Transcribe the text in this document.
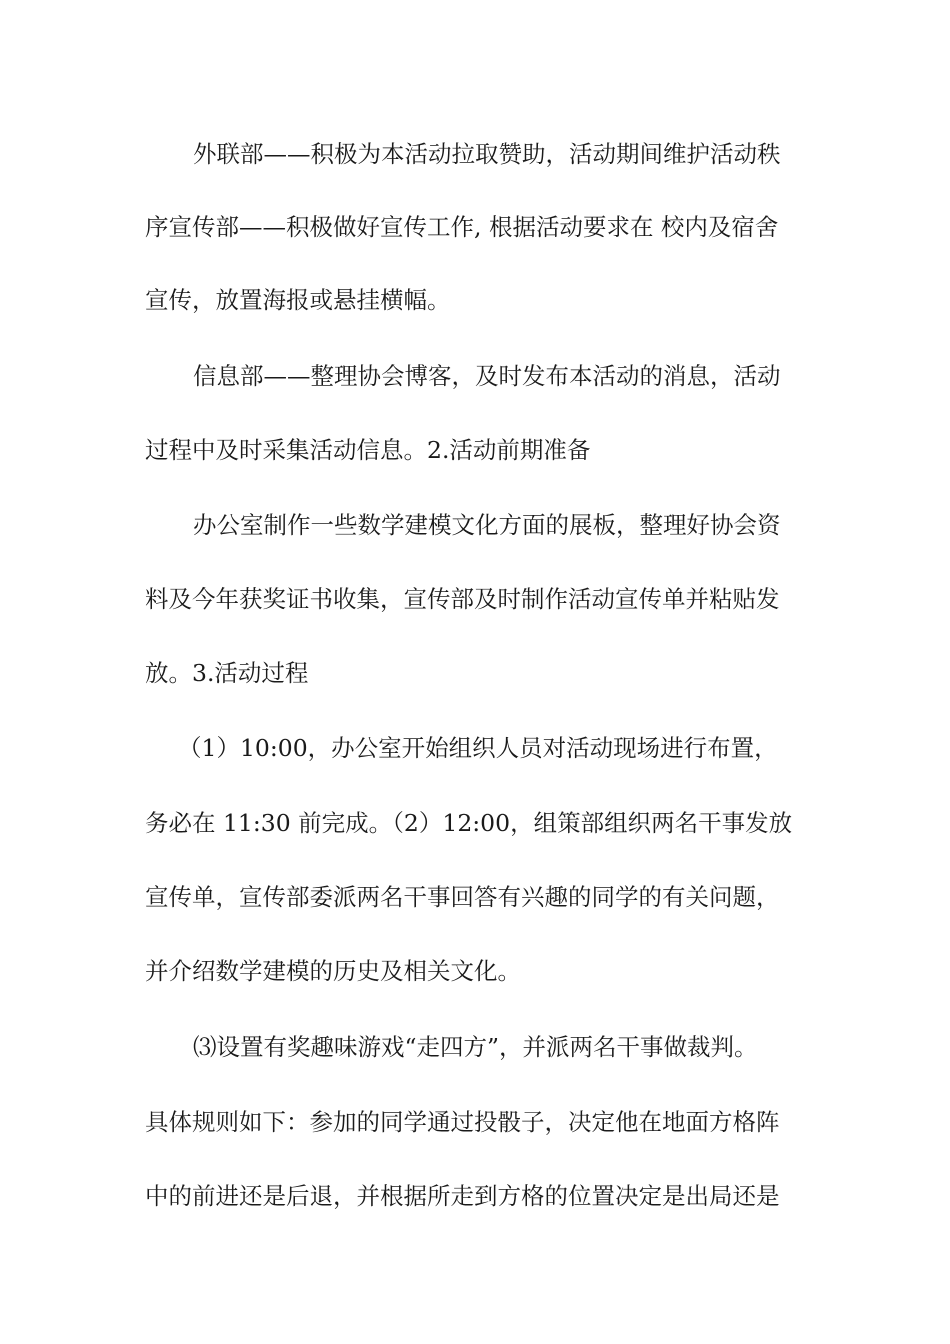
外联部——积极为本活动拉取赞助，活动期间维护活动秩
序宣传部——积极做好宣传工作, 根据活动要求在 校内及宿舍
宣传，放置海报或悬挂横幅。
信息部——整理协会博客，及时发布本活动的消息，活动
过程中及时采集活动信息。2.活动前期准备
办公室制作一些数学建模文化方面的展板，整理好协会资
料及今年获奖证书收集，宣传部及时制作活动宣传单并粘贴发
放。3.活动过程
（1）10:00，办公室开始组织人员对活动现场进行布置，
务必在 11:30 前完成。（2）12:00，组策部组织两名干事发放
宣传单，宣传部委派两名干事回答有兴趣的同学的有关问题，
并介绍数学建模的历史及相关文化。
⑶设置有奖趣味游戏“走四方”，并派两名干事做裁判。
具体规则如下：参加的同学通过投骰子，决定他在地面方格阵
中的前进还是后退，并根据所走到方格的位置决定是出局还是
